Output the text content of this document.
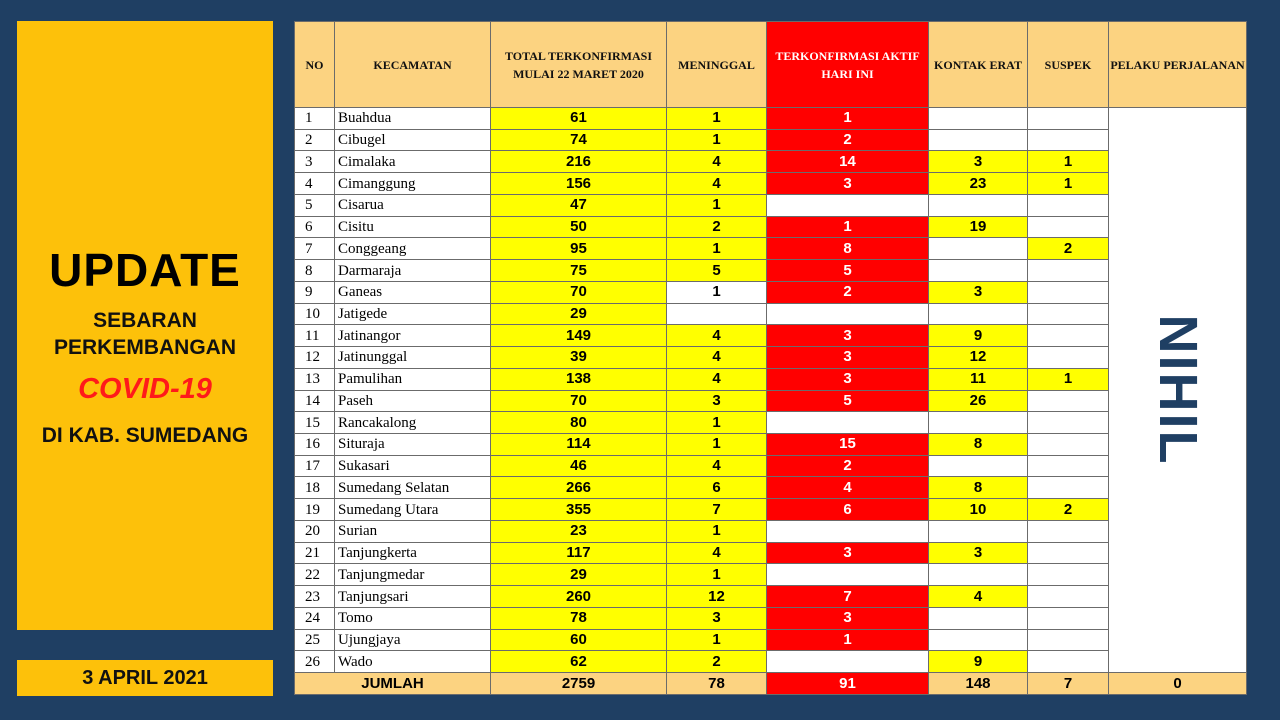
UPDATE
SEBARAN
PERKEMBANGAN
COVID-19
DI KAB. SUMEDANG
3 APRIL 2021
NO	KECAMATAN	TOTAL TERKONFIRMASI MULAI 22 MARET 2020	MENINGGAL	TERKONFIRMASI AKTIF HARI INI	KONTAK ERAT	SUSPEK	PELAKU PERJALANAN
1	Buahdua	61	1	1			NIHIL

2	Cibugel	74	1	2			
3	Cimalaka	216	4	14	3	1	
4	Cimanggung	156	4	3	23	1	
5	Cisarua	47	1				
6	Cisitu	50	2	1	19		
7	Conggeang	95	1	8		2	
8	Darmaraja	75	5	5			
9	Ganeas	70	1	2	3		
10	Jatigede	29					
11	Jatinangor	149	4	3	9		
12	Jatinunggal	39	4	3	12		
13	Pamulihan	138	4	3	11	1	
14	Paseh	70	3	5	26		
15	Rancakalong	80	1				
16	Situraja	114	1	15	8		
17	Sukasari	46	4	2			
18	Sumedang Selatan	266	6	4	8		
19	Sumedang Utara	355	7	6	10	2	
20	Surian	23	1				
21	Tanjungkerta	117	4	3	3		
22	Tanjungmedar	29	1				
23	Tanjungsari	260	12	7	4		
24	Tomo	78	3	3			
25	Ujungjaya	60	1	1			
26	Wado	62	2		9		
JUMLAH		2759	78	91	148	7	0
